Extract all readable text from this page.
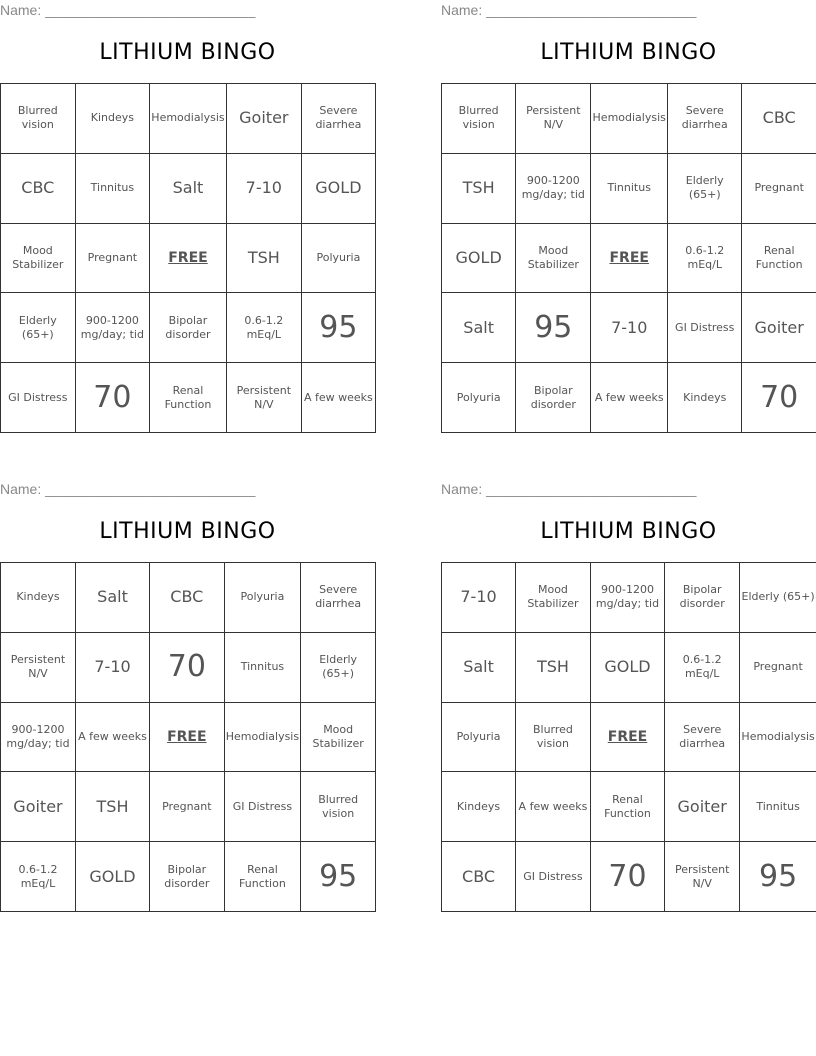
Name: ___________________________
LITHIUM BINGO
Blurred vision	Kindeys	Hemodialysis	Goiter	Severe diarrhea
CBC	Tinnitus	Salt	7-10	GOLD
Mood Stabilizer	Pregnant	FREE	TSH	Polyuria
Elderly (65+)	900-1200 mg/day; tid	Bipolar disorder	0.6-1.2 mEq/L	95
GI Distress	70	Renal Function	Persistent N/V	A few weeks
Name: ___________________________
LITHIUM BINGO
Blurred vision	Persistent N/V	Hemodialysis	Severe diarrhea	CBC
TSH	900-1200 mg/day; tid	Tinnitus	Elderly (65+)	Pregnant
GOLD	Mood Stabilizer	FREE	0.6-1.2 mEq/L	Renal Function
Salt	95	7-10	GI Distress	Goiter
Polyuria	Bipolar disorder	A few weeks	Kindeys	70
Name: ___________________________
LITHIUM BINGO
Kindeys	Salt	CBC	Polyuria	Severe diarrhea
Persistent N/V	7-10	70	Tinnitus	Elderly (65+)
900-1200 mg/day; tid	A few weeks	FREE	Hemodialysis	Mood Stabilizer
Goiter	TSH	Pregnant	GI Distress	Blurred vision
0.6-1.2 mEq/L	GOLD	Bipolar disorder	Renal Function	95
Name: ___________________________
LITHIUM BINGO
7-10	Mood Stabilizer	900-1200 mg/day; tid	Bipolar disorder	Elderly (65+)
Salt	TSH	GOLD	0.6-1.2 mEq/L	Pregnant
Polyuria	Blurred vision	FREE	Severe diarrhea	Hemodialysis
Kindeys	A few weeks	Renal Function	Goiter	Tinnitus
CBC	GI Distress	70	Persistent N/V	95
